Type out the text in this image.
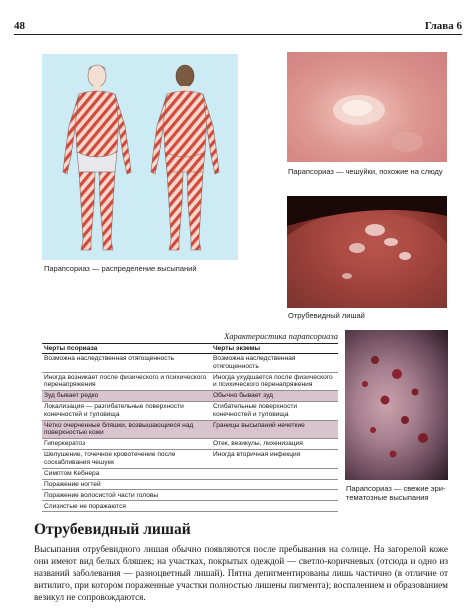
48	Глава 6
Парапсориаз — распределение высыпаний
Парапсориаз — чешуйки, похожие на слюду
Отрубевидный лишай
Парапсориаз — свежие эри-
тематозные высыпания
Характеристика парапсориаза
Черты псориаза	Черты экземы
Возможна наследственная отягощенность	Возможна наследственная отягощенность
Иногда возникает после физического и психического перенапряжения	Иногда ухудшается после физического и психического перенапряжения
Зуд бывает редко	Обычно бывает зуд
Локализация — разгибательные поверхности конечностей и туловища	Сгибательные поверхности конечностей и туловища
Четко очерченные бляшки, возвышающиеся над поверхностью кожи	Границы высыпаний нечеткие
Гиперкератоз	Отек, везикулы, лихенизация
Шелушение, точечное кровотечение после соскабливания чешуек	Иногда вторичная инфекция
Симптом Кебнера	
Поражение ногтей	
Поражение волосистой части головы	
Слизистые не поражаются	
Отрубевидный лишай
Высыпания отрубевидного лишая обычно появляются после пребывания на солнце. На загорелой коже они имеют вид белых бляшек; на участках, покрытых одеждой — светло-коричневых (отсюда и одно из названий заболевания — разноцветный лишай). Пятна депигментированы лишь частично (в отличие от витилиго, при котором пораженные участки полностью лишены пигмента); воспалением и образованием везикул не сопровождаются.
